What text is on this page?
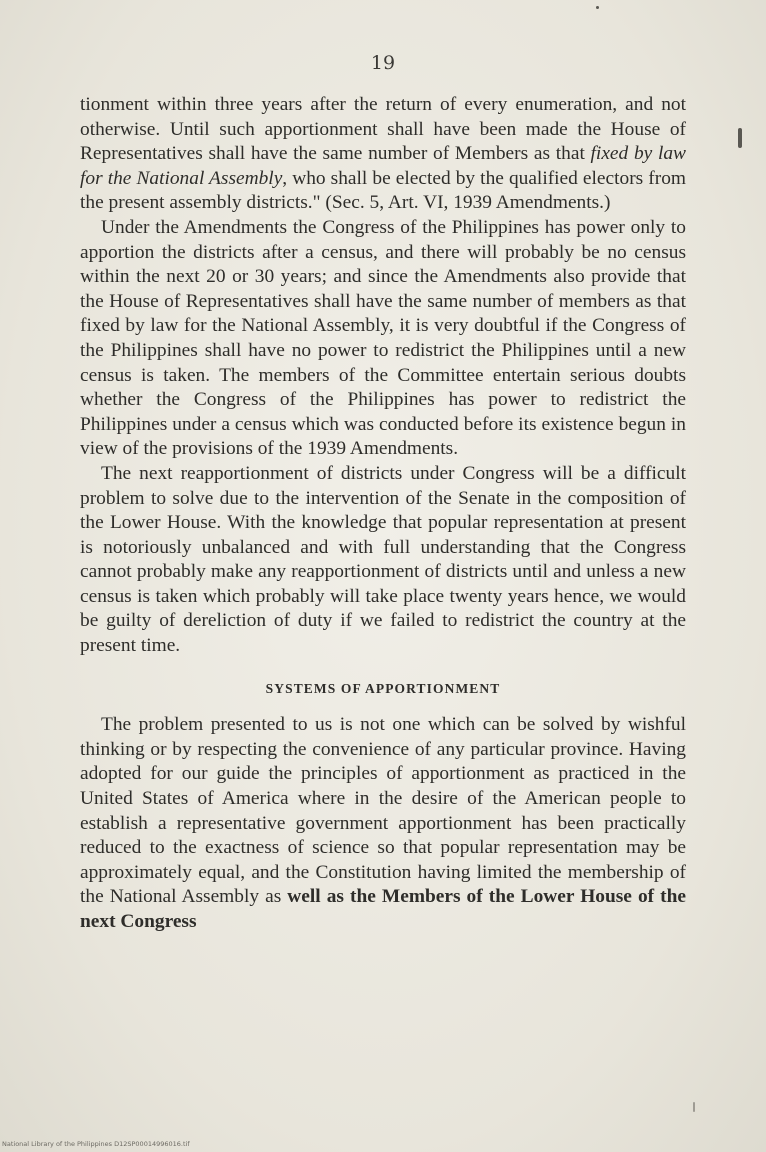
19

tionment within three years after the return of every enumeration, and not otherwise. Until such apportionment shall have been made the House of Representatives shall have the same number of Members as that fixed by law for the National Assembly, who shall be elected by the qualified electors from the present assembly districts." (Sec. 5, Art. VI, 1939 Amendments.)

Under the Amendments the Congress of the Philippines has power only to apportion the districts after a census, and there will probably be no census within the next 20 or 30 years; and since the Amendments also provide that the House of Representatives shall have the same number of members as that fixed by law for the National Assembly, it is very doubtful if the Congress of the Philippines shall have no power to redistrict the Philippines until a new census is taken. The members of the Committee entertain serious doubts whether the Congress of the Philippines has power to redistrict the Philippines under a census which was conducted before its existence begun in view of the provisions of the 1939 Amendments.

The next reapportionment of districts under Congress will be a difficult problem to solve due to the intervention of the Senate in the composition of the Lower House. With the knowledge that popular representation at present is notoriously unbalanced and with full understanding that the Congress cannot probably make any reapportionment of districts until and unless a new census is taken which probably will take place twenty years hence, we would be guilty of dereliction of duty if we failed to redistrict the country at the present time.

SYSTEMS OF APPORTIONMENT

The problem presented to us is not one which can be solved by wishful thinking or by respecting the convenience of any particular province. Having adopted for our guide the principles of apportionment as practiced in the United States of America where in the desire of the American people to establish a representative government apportionment has been practically reduced to the exactness of science so that popular representation may be approximately equal, and the Constitution having limited the membership of the National Assembly as well as the Members of the Lower House of the next Congress

National Library of the Philippines D12SP00014996016.tif
